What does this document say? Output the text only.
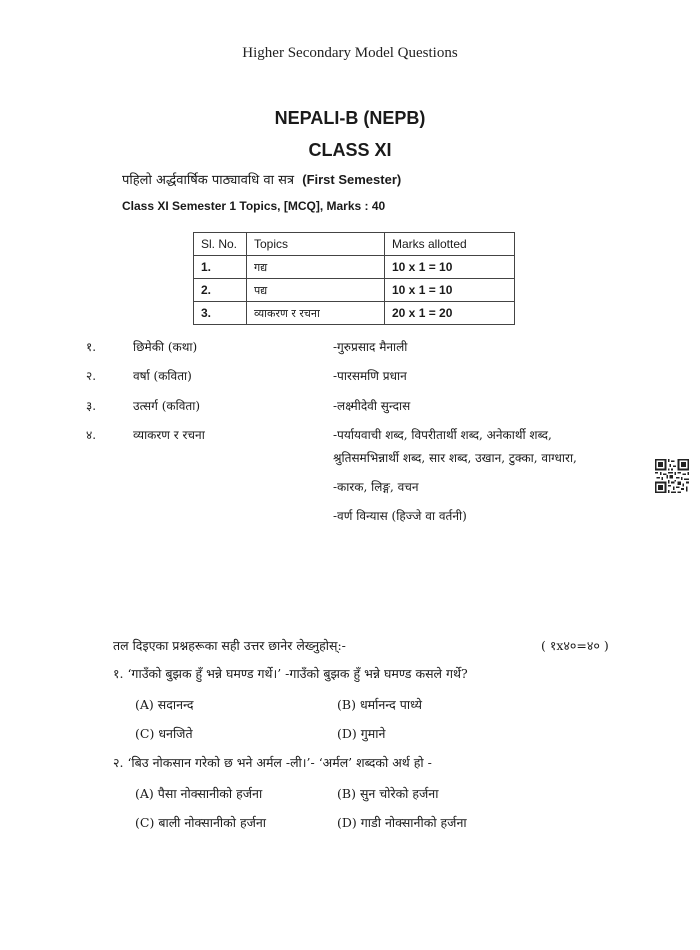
Higher Secondary Model Questions
NEPALI-B (NEPB)
CLASS XI
पहिलो अर्द्धवार्षिक पाठ्यावधि वा सत्र (First Semester)
Class XI Semester 1 Topics, [MCQ], Marks : 40
Sl. No.	Topics	Marks allotted
1.	गद्य	10 x 1 = 10
2.	पद्य	10 x 1 = 10
3.	व्याकरण र रचना	20 x 1 = 20
१.	छिमेकी (कथा)	-गुरुप्रसाद मैनाली
२.	वर्षा (कविता)	-पारसमणि प्रधान
३.	उत्सर्ग (कविता)	-लक्ष्मीदेवी सुन्दास
४.	व्याकरण र रचना	-पर्यायवाची शब्द, विपरीतार्थी शब्द, अनेकार्थी शब्द,
श्रुतिसमभिन्नार्थी शब्द, सार शब्द, उखान, टुक्का, वाग्धारा,
-कारक, लिङ्ग, वचन
-वर्ण विन्यास (हिज्जे वा वर्तनी)
तल दिइएका प्रश्नहरूका सही उत्तर छानेर लेख्नुहोस्:-	( १x४०=४० )
१. ‘गाउँको बुझक हुँ भन्ने घमण्ड गर्थे।’ -गाउँको बुझक हुँ भन्ने घमण्ड कसले गर्थे?
(A) सदानन्द	(B) धर्मानन्द पाध्ये
(C) धनजिते	(D) गुमाने
२. ‘बिउ नोकसान गरेको छ भने अर्मल -ली।’- ‘अर्मल’ शब्दको अर्थ हो -
(A) पैसा नोक्सानीको हर्जना	(B) सुन चोरेको हर्जना
(C) बाली नोक्सानीको हर्जना	(D) गाडी नोक्सानीको हर्जना
